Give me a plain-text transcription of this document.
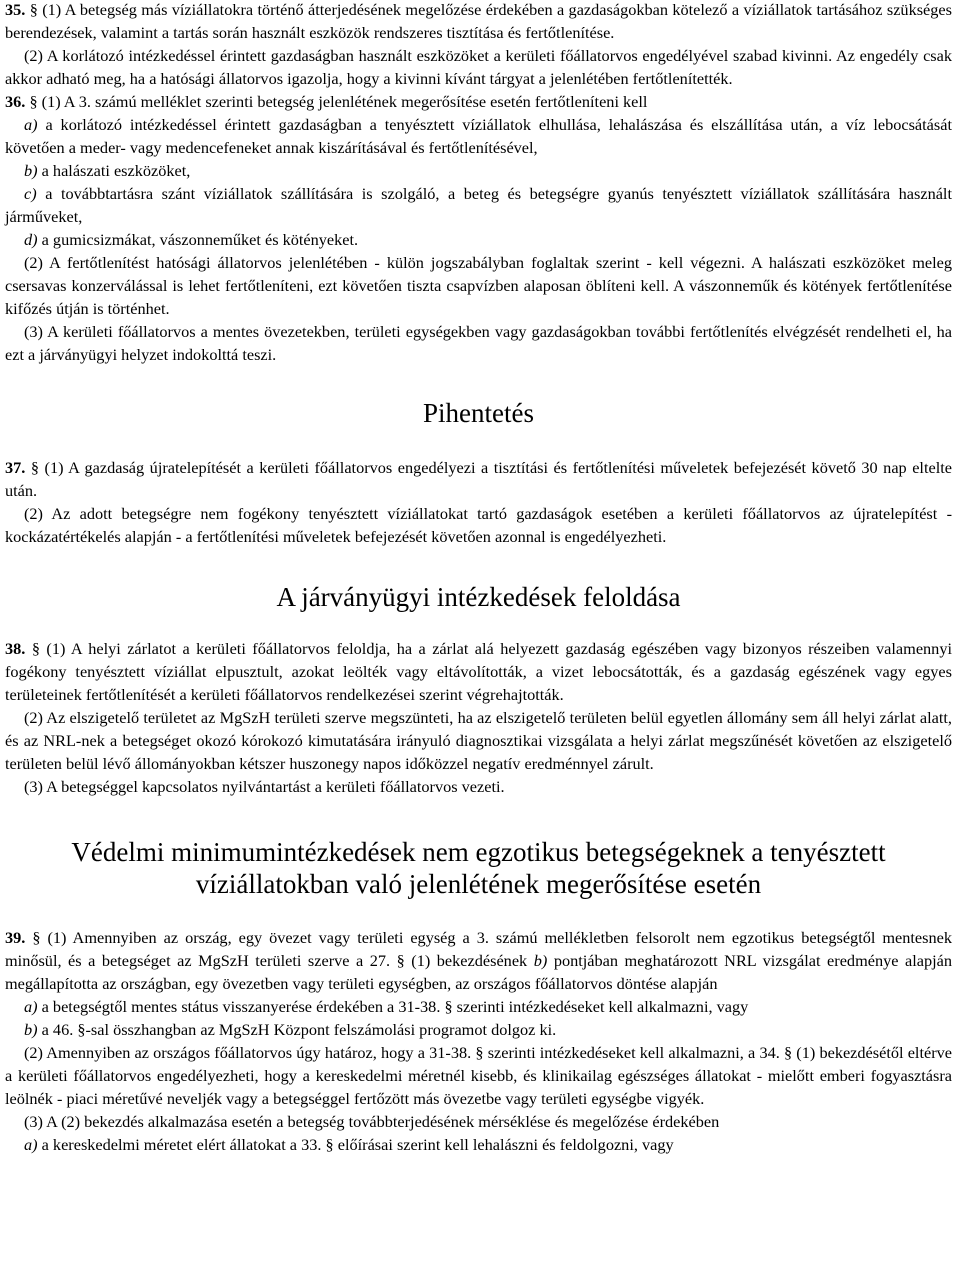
35. § (1) A betegség más víziállatokra történő átterjedésének megelőzése érdekében a gazdaságokban kötelező a víziállatok tartásához szükséges berendezések, valamint a tartás során használt eszközök rendszeres tisztítása és fertőtlenítése.

(2) A korlátozó intézkedéssel érintett gazdaságban használt eszközöket a kerületi főállatorvos engedélyével szabad kivinni. Az engedély csak akkor adható meg, ha a hatósági állatorvos igazolja, hogy a kivinni kívánt tárgyat a jelenlétében fertőtlenítették.

36. § (1) A 3. számú melléklet szerinti betegség jelenlétének megerősítése esetén fertőtleníteni kell

a) a korlátozó intézkedéssel érintett gazdaságban a tenyésztett víziállatok elhullása, lehalászása és elszállítása után, a víz lebocsátását követően a meder- vagy medencefeneket annak kiszárításával és fertőtlenítésével,

b) a halászati eszközöket,

c) a továbbtartásra szánt víziállatok szállítására is szolgáló, a beteg és betegségre gyanús tenyésztett víziállatok szállítására használt járműveket,

d) a gumicsizmákat, vászonneműket és kötényeket.

(2) A fertőtlenítést hatósági állatorvos jelenlétében - külön jogszabályban foglaltak szerint - kell végezni. A halászati eszközöket meleg csersavas konzerválással is lehet fertőtleníteni, ezt követően tiszta csapvízben alaposan öblíteni kell. A vászonneműk és kötények fertőtlenítése kifőzés útján is történhet.

(3) A kerületi főállatorvos a mentes övezetekben, területi egységekben vagy gazdaságokban további fertőtlenítés elvégzését rendelheti el, ha ezt a járványügyi helyzet indokolttá teszi.

Pihentetés

37. § (1) A gazdaság újratelepítését a kerületi főállatorvos engedélyezi a tisztítási és fertőtlenítési műveletek befejezését követő 30 nap eltelte után.

(2) Az adott betegségre nem fogékony tenyésztett víziállatokat tartó gazdaságok esetében a kerületi főállatorvos az újratelepítést - kockázatértékelés alapján - a fertőtlenítési műveletek befejezését követően azonnal is engedélyezheti.

A járványügyi intézkedések feloldása

38. § (1) A helyi zárlatot a kerületi főállatorvos feloldja, ha a zárlat alá helyezett gazdaság egészében vagy bizonyos részeiben valamennyi fogékony tenyésztett víziállat elpusztult, azokat leölték vagy eltávolították, a vizet lebocsátották, és a gazdaság egészének vagy egyes területeinek fertőtlenítését a kerületi főállatorvos rendelkezései szerint végrehajtották.

(2) Az elszigetelő területet az MgSzH területi szerve megszünteti, ha az elszigetelő területen belül egyetlen állomány sem áll helyi zárlat alatt, és az NRL-nek a betegséget okozó kórokozó kimutatására irányuló diagnosztikai vizsgálata a helyi zárlat megszűnését követően az elszigetelő területen belül lévő állományokban kétszer huszonegy napos időközzel negatív eredménnyel zárult.

(3) A betegséggel kapcsolatos nyilvántartást a kerületi főállatorvos vezeti.

Védelmi minimumintézkedések nem egzotikus betegségeknek a tenyésztett
víziállatokban való jelenlétének megerősítése esetén

39. § (1) Amennyiben az ország, egy övezet vagy területi egység a 3. számú mellékletben felsorolt nem egzotikus betegségtől mentesnek minősül, és a betegséget az MgSzH területi szerve a 27. § (1) bekezdésének b) pontjában meghatározott NRL vizsgálat eredménye alapján megállapította az országban, egy övezetben vagy területi egységben, az országos főállatorvos döntése alapján

a) a betegségtől mentes státus visszanyerése érdekében a 31-38. § szerinti intézkedéseket kell alkalmazni, vagy

b) a 46. §-sal összhangban az MgSzH Központ felszámolási programot dolgoz ki.

(2) Amennyiben az országos főállatorvos úgy határoz, hogy a 31-38. § szerinti intézkedéseket kell alkalmazni, a 34. § (1) bekezdésétől eltérve a kerületi főállatorvos engedélyezheti, hogy a kereskedelmi méretnél kisebb, és klinikailag egészséges állatokat - mielőtt emberi fogyasztásra leölnék - piaci méretűvé neveljék vagy a betegséggel fertőzött más övezetbe vagy területi egységbe vigyék.

(3) A (2) bekezdés alkalmazása esetén a betegség továbbterjedésének mérséklése és megelőzése érdekében

a) a kereskedelmi méretet elért állatokat a 33. § előírásai szerint kell lehalászni és feldolgozni, vagy
